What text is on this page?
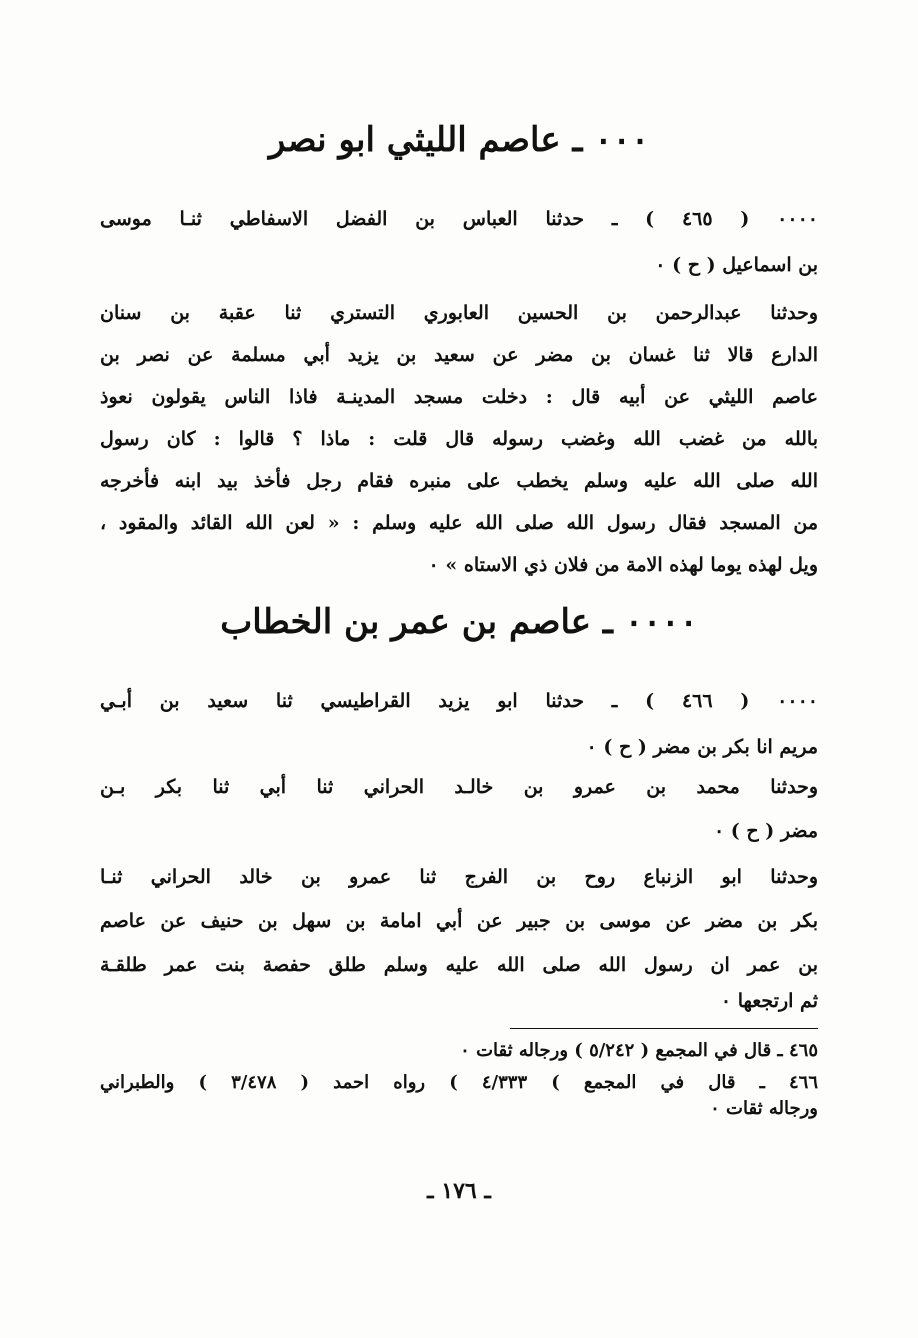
٠٠٠ ـ عاصم الليثي ابو نصر
٠٠٠٠ ( ٤٦٥ ) ـ حدثنا العباس بن الفضل الاسفاطي ثنـا موسى
بن اسماعيل ( ح ) ٠
وحدثنا عبدالرحمن بن الحسين العابوري التستري ثنا عقبة بن سنان
الدارع قالا ثنا غسان بن مضر عن سعيد بن يزيد أبي مسلمة عن نصر بن
عاصم الليثي عن أبيه قال : دخلت مسجد المدينـة فاذا الناس يقولون نعوذ
بالله من غضب الله وغضب رسوله قال قلت : ماذا ؟ قالوا : كان رسول
الله صلى الله عليه وسلم يخطب على منبره فقام رجل فأخذ بيد ابنه فأخرجه
من المسجد فقال رسول الله صلى الله عليه وسلم : « لعن الله القائد والمقود ،
ويل لهذه يوما لهذه الامة من فلان ذي الاستاه » ٠
٠٠٠٠ ـ عاصم بن عمر بن الخطاب
٠٠٠٠ ( ٤٦٦ ) ـ حدثنا ابو يزيد القراطيسي ثنا سعيد بن أبـي
مريم انا بكر بن مضر ( ح ) ٠
وحدثنا محمد بن عمرو بن خالـد الحراني ثنا أبي ثنا بكر بـن
مضر ( ح ) ٠
وحدثنا ابو الزنباع روح بن الفرج ثنا عمرو بن خالد الحراني ثنـا
بكر بن مضر عن موسى بن جبير عن أبي امامة بن سهل بن حنيف عن عاصم
بن عمر ان رسول الله صلى الله عليه وسلم طلق حفصة بنت عمر طلقـة
ثم ارتجعها ٠
٤٦٥ ـ قال في المجمع ( ٥/٢٤٢ ) ورجاله ثقات ٠
٤٦٦ ـ قال في المجمع ) ٤/٣٣٣ ) رواه احمد ( ٣/٤٧٨ ) والطبراني
ورجاله ثقات ٠
ـ ١٧٦ ـ
